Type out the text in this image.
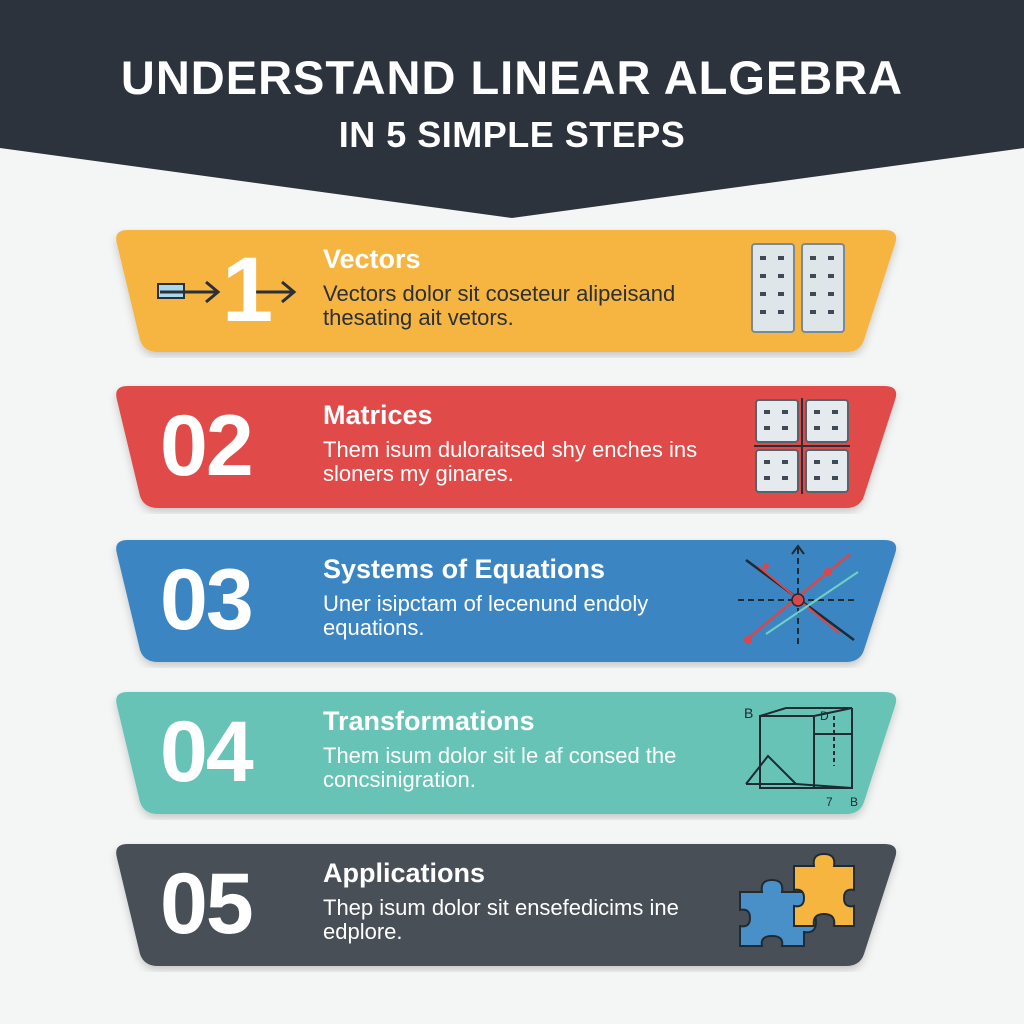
UNDERSTAND LINEAR ALGEBRA
IN 5 SIMPLE STEPS
1	Vectors
Vectors dolor sit coseteur alipeisand thesating ait vetors.
02	Matrices
Them isum duloraitsed shy enches ins sloners my ginares.
03	Systems of Equations
Uner isipctam of lecenund endoly equations.
04	Transformations
Them isum dolor sit le af consed the concsinigration.
B	D
7 B
05	Applications
Thep isum dolor sit ensefedicims ine edplore.
